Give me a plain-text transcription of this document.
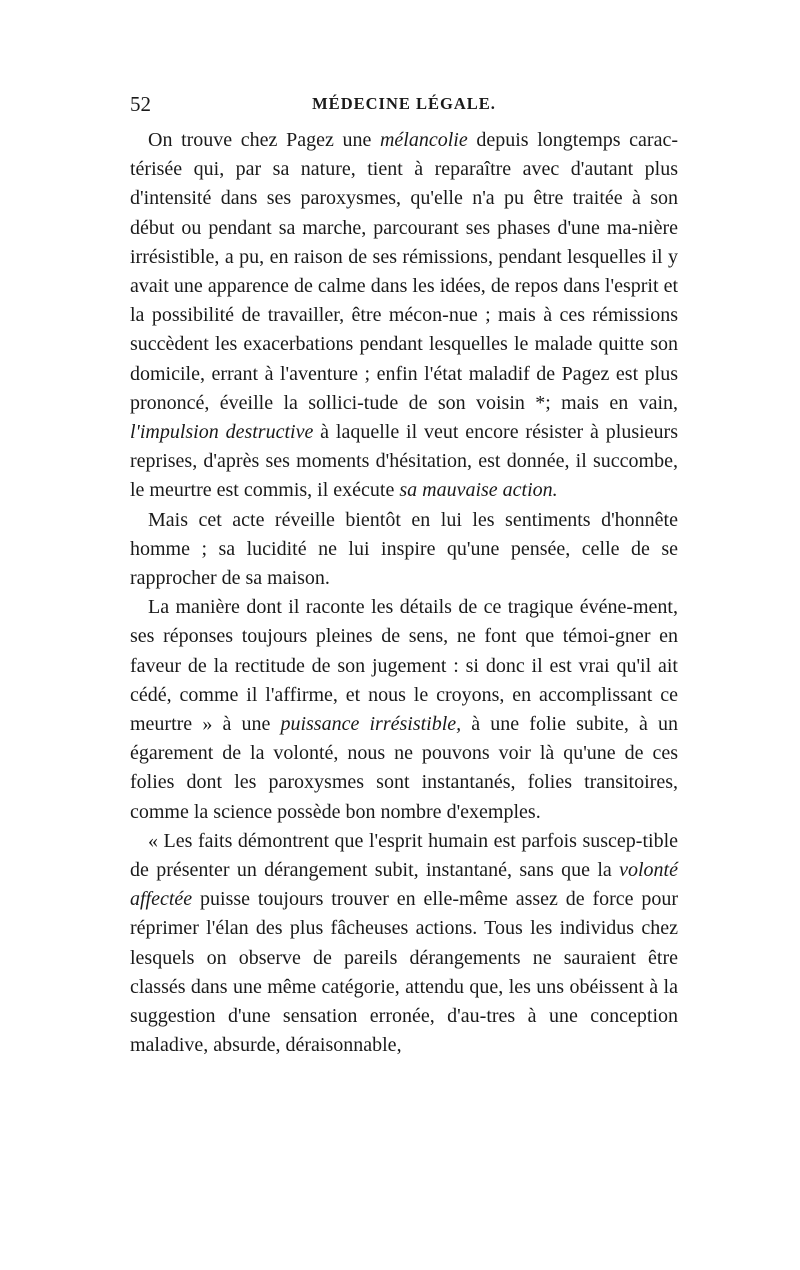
52	MÉDECINE LÉGALE.

On trouve chez Pagez une mélancolie depuis longtemps carac-térisée qui, par sa nature, tient à reparaître avec d'autant plus d'intensité dans ses paroxysmes, qu'elle n'a pu être traitée à son début ou pendant sa marche, parcourant ses phases d'une ma-nière irrésistible, a pu, en raison de ses rémissions, pendant lesquelles il y avait une apparence de calme dans les idées, de repos dans l'esprit et la possibilité de travailler, être mécon-nue ; mais à ces rémissions succèdent les exacerbations pendant lesquelles le malade quitte son domicile, errant à l'aventure ; enfin l'état maladif de Pagez est plus prononcé, éveille la sollici-tude de son voisin *; mais en vain, l'impulsion destructive à laquelle il veut encore résister à plusieurs reprises, d'après ses moments d'hésitation, est donnée, il succombe, le meurtre est commis, il exécute sa mauvaise action.

Mais cet acte réveille bientôt en lui les sentiments d'honnête homme ; sa lucidité ne lui inspire qu'une pensée, celle de se rapprocher de sa maison.

La manière dont il raconte les détails de ce tragique événe-ment, ses réponses toujours pleines de sens, ne font que témoi-gner en faveur de la rectitude de son jugement : si donc il est vrai qu'il ait cédé, comme il l'affirme, et nous le croyons, en accomplissant ce meurtre » à une puissance irrésistible, à une folie subite, à un égarement de la volonté, nous ne pouvons voir là qu'une de ces folies dont les paroxysmes sont instantanés, folies transitoires, comme la science possède bon nombre d'exemples.

« Les faits démontrent que l'esprit humain est parfois suscep-tible de présenter un dérangement subit, instantané, sans que la volonté affectée puisse toujours trouver en elle-même assez de force pour réprimer l'élan des plus fâcheuses actions. Tous les individus chez lesquels on observe de pareils dérangements ne sauraient être classés dans une même catégorie, attendu que, les uns obéissent à la suggestion d'une sensation erronée, d'au-tres à une conception maladive, absurde, déraisonnable,
